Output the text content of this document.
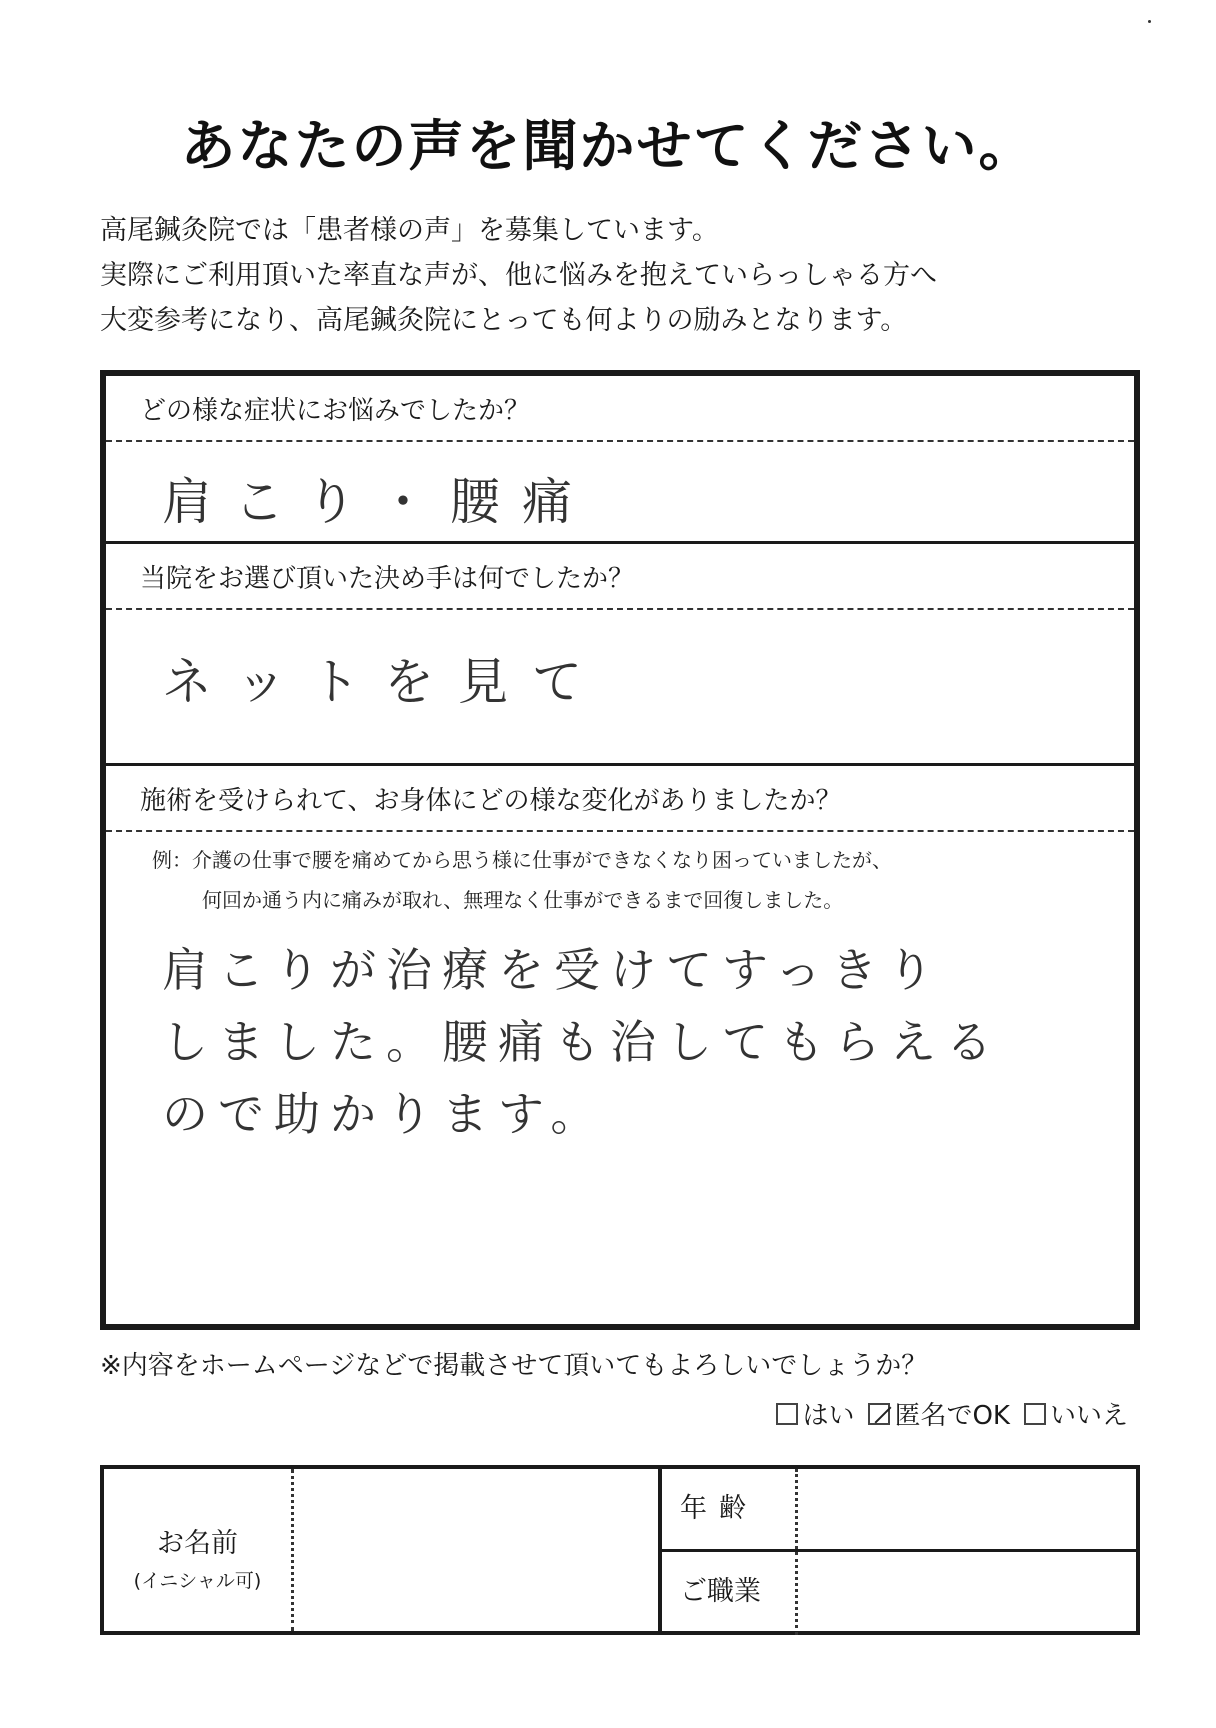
あなたの声を聞かせてください。
高尾鍼灸院では「患者様の声」を募集しています。
実際にご利用頂いた率直な声が、他に悩みを抱えていらっしゃる方へ
大変参考になり、高尾鍼灸院にとっても何よりの励みとなります。
どの様な症状にお悩みでしたか？
肩こり・腰痛
当院をお選び頂いた決め手は何でしたか？
ネットを見て
施術を受けられて、お身体にどの様な変化がありましたか？
例：介護の仕事で腰を痛めてから思う様に仕事ができなくなり困っていましたが、
何回か通う内に痛みが取れ、無理なく仕事ができるまで回復しました。
肩こりが治療を受けてすっきり
しました。腰痛も治してもらえる
ので助かります。
※内容をホームページなどで掲載させて頂いてもよろしいでしょうか？
はい 匿名でOK いいえ
お名前
(イニシャル可)
年齢
ご職業
